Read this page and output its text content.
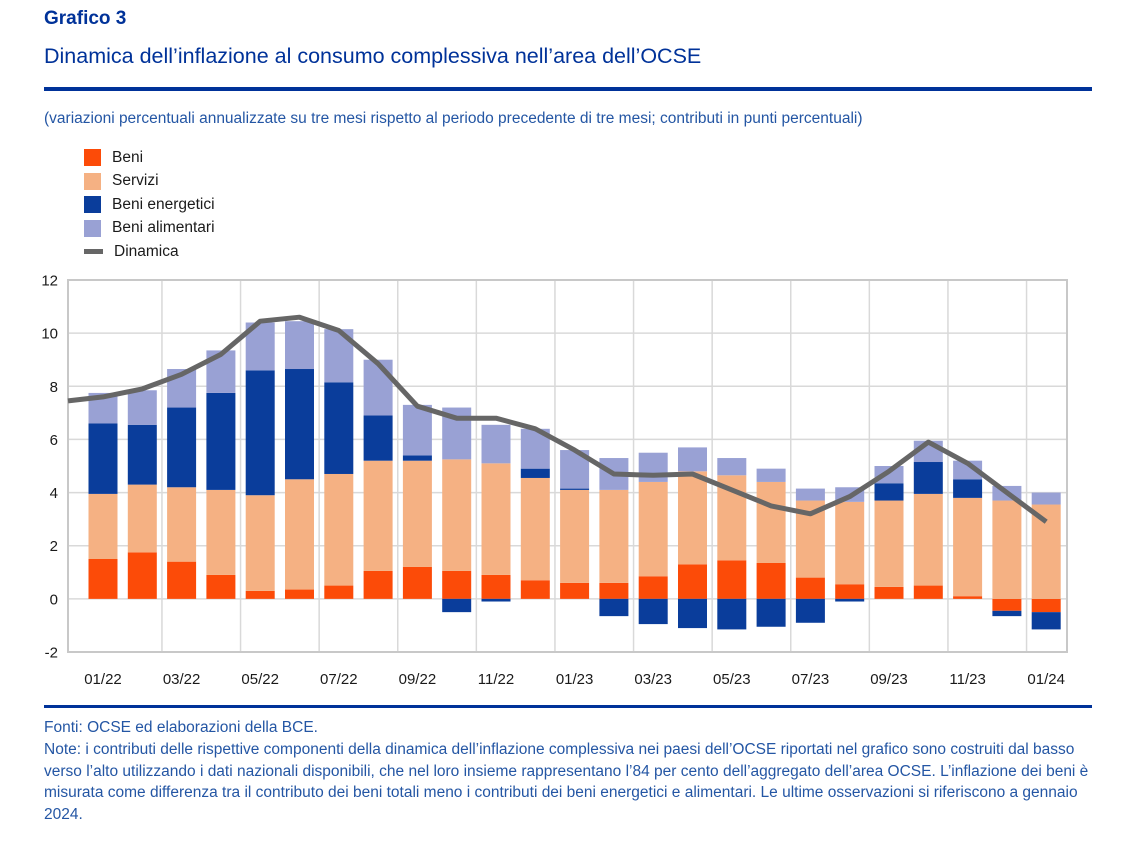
Grafico 3
Dinamica dell’inflazione al consumo complessiva nell’area dell’OCSE
(variazioni percentuali annualizzate su tre mesi rispetto al periodo precedente di tre mesi; contributi in punti percentuali)
Beni
Servizi
Beni energetici
Beni alimentari
Dinamica
12
10
8
6
4
2
0
-2
01/22	03/22	05/22	07/22	09/22	11/22	01/23	03/23	05/23	07/23	09/23	11/23	01/24

Fonti: OCSE ed elaborazioni della BCE.

Note: i contributi delle rispettive componenti della dinamica dell’inflazione complessiva nei paesi dell’OCSE riportati nel grafico sono costruiti dal basso verso l’alto utilizzando i dati nazionali disponibili, che nel loro insieme rappresentano l’84 per cento dell’aggregato dell’area OCSE. L’inflazione dei beni è misurata come differenza tra il contributo dei beni totali meno i contributi dei beni energetici e alimentari. Le ultime osservazioni si riferiscono a gennaio 2024.
